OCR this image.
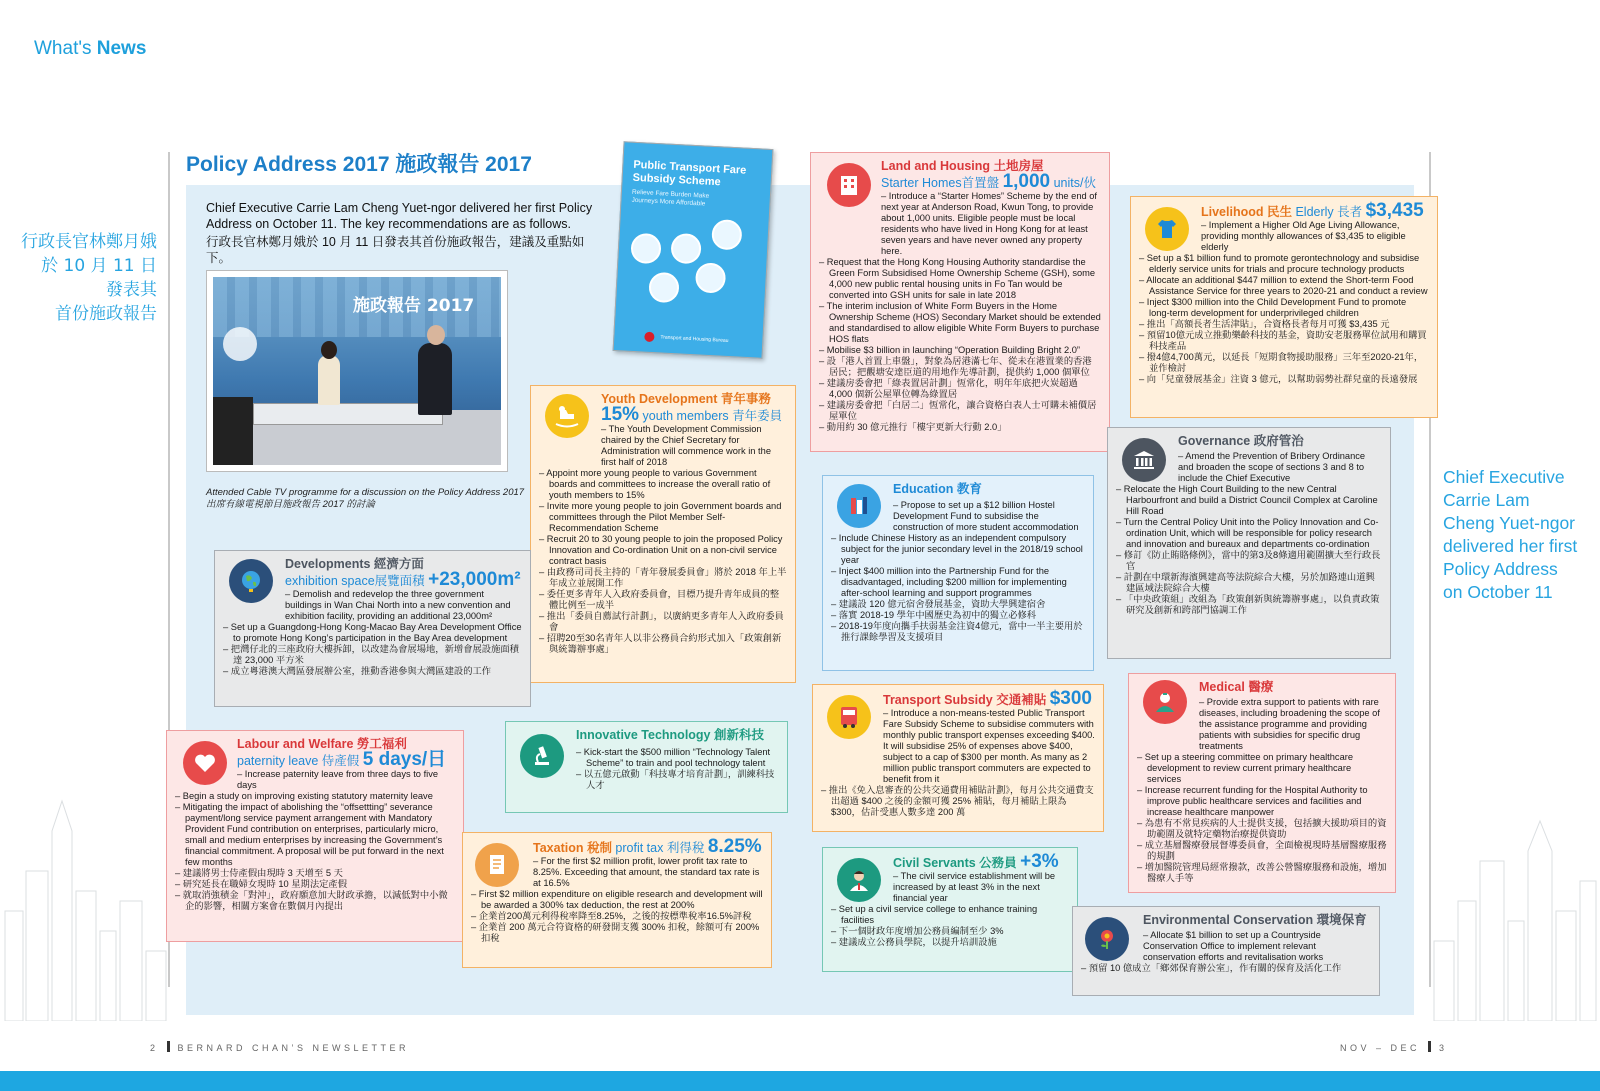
What's News
Policy Address 2017 施政報告 2017
Chief Executive Carrie Lam Cheng Yuet-ngor delivered her first Policy Address on October 11. The key recommendations are as follows.
行政長官林鄭月娥於 10 月 11 日發表其首份施政報告，建議及重點如下。
行政長官林鄭月娥
於 10 月 11 日
發表其
首份施政報告
Chief Executive
Carrie Lam
Cheng Yuet-ngor
delivered her first
Policy Address
on October 11
施政報告 2017
Attended Cable TV programme for a discussion on the Policy Address 2017
出席有線電視節目施政報告 2017 的討論
Public Transport Fare Subsidy Scheme
Relieve Fare Burden Make Journeys More Affordable
Transport and Housing Bureau
Land and Housing 土地房屋
Starter Homes首置盤 1,000 units/伙
– Introduce a “Starter Homes” Scheme by the end of next year at Anderson Road, Kwun Tong, to provide about 1,000 units. Eligible people must be local residents who have lived in Hong Kong for at least seven years and have never owned any property here.
– Request that the Hong Kong Housing Authority standardise the Green Form Subsidised Home Ownership Scheme (GSH), some 4,000 new public rental housing units in Fo Tan would be converted into GSH units for sale in late 2018
– The interim inclusion of White Form Buyers in the Home Ownership Scheme (HOS) Secondary Market should be extended and standardised to allow eligible White Form Buyers to purchase HOS flats
– Mobilise $3 billion in launching “Operation Building Bright 2.0”
– 設「港人首置上車盤」，對象為居港滿七年、從未在港置業的香港居民；把觀塘安達臣道的用地作先導計劃，提供約 1,000 個單位
– 建議房委會把「綠表置居計劃」恆常化，明年年底把火炭超過 4,000 個新公屋單位轉為綠置居
– 建議房委會把「白居二」恆常化，讓合資格白表人士可購未補價居屋單位
– 動用約 30 億元推行「樓宇更新大行動 2.0」
Livelihood 民生 Elderly 長者 $3,435
– Implement a Higher Old Age Living Allowance, providing monthly allowances of $3,435 to eligible elderly
– Set up a $1 billion fund to promote gerontechnology and subsidise elderly service units for trials and procure technology products
– Allocate an additional $447 million to extend the Short-term Food Assistance Service for three years to 2020-21 and conduct a review
– Inject $300 million into the Child Development Fund to promote long-term development for underprivileged children
– 推出「高額長者生活津貼」，合資格長者每月可獲 $3,435 元
– 預留10億元成立推動樂齡科技的基金，資助安老服務單位試用和購買科技產品
– 撥4億4,700萬元，以延長「短期食物援助服務」三年至2020-21年，並作檢討
– 向「兒童發展基金」注資 3 億元，以幫助弱勢社群兒童的長遠發展
Youth Development 青年事務
15% youth members 青年委員
– The Youth Development Commission chaired by the Chief Secretary for Administration will commence work in the first half of 2018
– Appoint more young people to various Government boards and committees to increase the overall ratio of youth members to 15%
– Invite more young people to join Government boards and committees through the Pilot Member Self-Recommendation Scheme
– Recruit 20 to 30 young people to join the proposed Policy Innovation and Co-ordination Unit on a non-civil service contract basis
– 由政務司司長主持的「青年發展委員會」將於 2018 年上半年成立並展開工作
– 委任更多青年人入政府委員會，目標乃提升青年成員的整體比例至一成半
– 推出「委員自薦試行計劃」，以廣納更多青年人入政府委員會
– 招聘20至30名青年人以非公務員合約形式加入「政策創新與統籌辦事處」
Governance 政府管治
– Amend the Prevention of Bribery Ordinance and broaden the scope of sections 3 and 8 to include the Chief Executive
– Relocate the High Court Building to the new Central Harbourfront and build a District Council Complex at Caroline Hill Road
– Turn the Central Policy Unit into the Policy Innovation and Co-ordination Unit, which will be responsible for policy research and innovation and bureaux and departments co-ordination
– 修訂《防止賄賂條例》，當中的第3及8條適用範圍擴大至行政長官
– 計劃在中環新海濱興建高等法院綜合大樓，另於加路連山道興建區域法院綜合大樓
– 「中央政策組」改組為「政策創新與統籌辦事處」，以負責政策研究及創新和跨部門協調工作
Education 教育
– Propose to set up a $12 billion Hostel Development Fund to subsidise the construction of more student accommodation
– Include Chinese History as an independent compulsory subject for the junior secondary level in the 2018/19 school year
– Inject $400 million into the Partnership Fund for the disadvantaged, including $200 million for implementing after-school learning and support programmes
– 建議設 120 億元宿舍發展基金，資助大學興建宿舍
– 落實 2018-19 學年中國歷史為初中的獨立必修科
– 2018-19年度向攜手扶弱基金注資4億元，當中一半主要用於推行課餘學習及支援項目
Developments 經濟方面
exhibition space展覽面積 +23,000m²
– Demolish and redevelop the three government buildings in Wan Chai North into a new convention and exhibition facility, providing an additional 23,000m²
– Set up a Guangdong-Hong Kong-Macao Bay Area Development Office to promote Hong Kong’s participation in the Bay Area development
– 把灣仔北的三座政府大樓拆卸，以改建為會展場地，新增會展設施面積達 23,000 平方米
– 成立粵港澳大灣區發展辦公室，推動香港參與大灣區建設的工作
Labour and Welfare 勞工福利
paternity leave 侍產假 5 days/日
– Increase paternity leave from three days to five days
– Begin a study on improving existing statutory maternity leave
– Mitigating the impact of abolishing the “offsettting” severance payment/long service payment arrangement with Mandatory Provident Fund contribution on enterprises, particularly micro, small and medium enterprises by increasing the Government’s financial commitment. A proposal will be put forward in the next few months
– 建議將男士侍產假由現時 3 天增至 5 天
– 研究延長在職婦女現時 10 星期法定產假
– 就取消強積金「對沖」，政府願意加大財政承擔，以減低對中小微企的影響，相關方案會在數個月內提出
Innovative Technology 創新科技
– Kick-start the $500 million “Technology Talent Scheme” to train and pool technology talent
– 以五億元啟動「科技專才培育計劃」，訓練科技人才
Transport Subsidy 交通補貼 $300
– Introduce a non-means-tested Public Transport Fare Subsidy Scheme to subsidise commuters with monthly public transport expenses exceeding $400. It will subsidise 25% of expenses above $400, subject to a cap of $300 per month. As many as 2 million public transport commuters are expected to benefit from it
– 推出《免入息審查的公共交通費用補貼計劃》，每月公共交通費支出超過 $400 之後的金額可獲 25% 補貼，每月補貼上限為 $300，估計受惠人數多達 200 萬
Medical 醫療
– Provide extra support to patients with rare diseases, including broadening the scope of the assistance programme and providing patients with subsidies for specific drug treatments
– Set up a steering committee on primary healthcare development to review current primary healthcare services
– Increase recurrent funding for the Hospital Authority to improve public healthcare services and facilities and increase healthcare manpower
– 為患有不常見疾病的人士提供支援，包括擴大援助項目的資助範圍及就特定藥物治療提供資助
– 成立基層醫療發展督導委員會，全面檢視現時基層醫療服務的規劃
– 增加醫院管理局經常撥款，改善公營醫療服務和設施，增加醫療人手等
Taxation 稅制 profit tax 利得稅 8.25%
– For the first $2 million profit, lower profit tax rate to 8.25%. Exceeding that amount, the standard tax rate is at 16.5%
– First $2 million expenditure on eligible research and development will be awarded a 300% tax deduction, the rest at 200%
– 企業首200萬元利得稅率降至8.25%，之後的按標準稅率16.5%評稅
– 企業首 200 萬元合符資格的研發開支獲 300% 扣稅，餘額可有 200% 扣稅
Civil Servants 公務員 +3%
– The civil service establishment will be increased by at least 3% in the next financial year
– Set up a civil service college to enhance training facilities
– 下一個財政年度增加公務員編制至少 3%
– 建議成立公務員學院，以提升培訓設施
Environmental Conservation 環境保育
– Allocate $1 billion to set up a Countryside Conservation Office to implement relevant conservation efforts and revitalisation works
– 預留 10 億成立「鄉郊保育辦公室」，作有關的保育及活化工作
2 BERNARD CHAN’S NEWSLETTER	NOV – DEC 3
